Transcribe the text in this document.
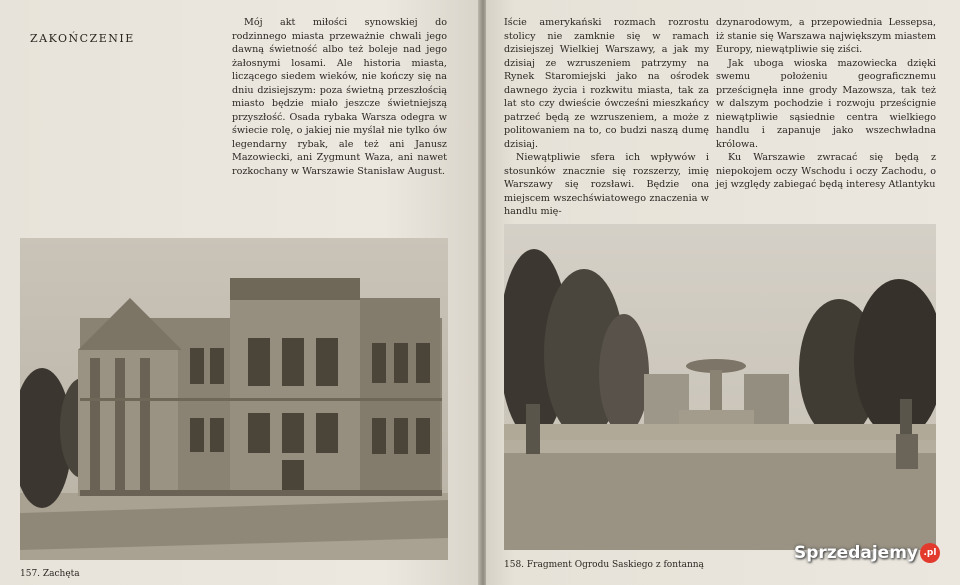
ZAKOŃCZENIE

Mój akt miłości synowskiej do rodzinnego miasta przeważnie chwali jego dawną świetność albo też boleje nad jego żałosnymi losami. Ale historia miasta, liczącego siedem wieków, nie kończy się na dniu dzisiejszym: poza świetną przeszłością miasto będzie miało jeszcze świetniejszą przyszłość. Osada rybaka Warsza odegra w świecie rolę, o jakiej nie myślał nie tylko ów legendarny rybak, ale też ani Janusz Mazowiecki, ani Zygmunt Waza, ani nawet rozkochany w Warszawie Stanisław August.

157. Zachęta

Iście amerykański rozmach rozrostu stolicy nie zamknie się w ramach dzisiejszej Wielkiej Warszawy, a jak my dzisiaj ze wzruszeniem patrzymy na Rynek Staromiejski jako na ośrodek dawnego życia i rozkwitu miasta, tak za lat sto czy dwieście ówcześni mieszkańcy patrzeć będą ze wzruszeniem, a może z politowaniem na to, co budzi naszą dumę dzisiaj.

Niewątpliwie sfera ich wpływów i stosunków znacznie się rozszerzy, imię Warszawy się rozsławi. Będzie ona miejscem wszechświatowego znaczenia w handlu mię-

dzynarodowym, a przepowiednia Lessepsa, iż stanie się Warszawa największym miastem Europy, niewątpliwie się ziści.

Jak uboga wioska mazowiecka dzięki swemu położeniu geograficznemu prześcignęła inne grody Mazowsza, tak też w dalszym pochodzie i rozwoju prześcignie niewątpliwie sąsiednie centra wielkiego handlu i zapanuje jako wszechwładna królowa.

Ku Warszawie zwracać się będą z niepokojem oczy Wschodu i oczy Zachodu, o jej względy zabiegać będą interesy Atlantyku

158. Fragment Ogrodu Saskiego z fontanną
Sprzedajemy .pl
